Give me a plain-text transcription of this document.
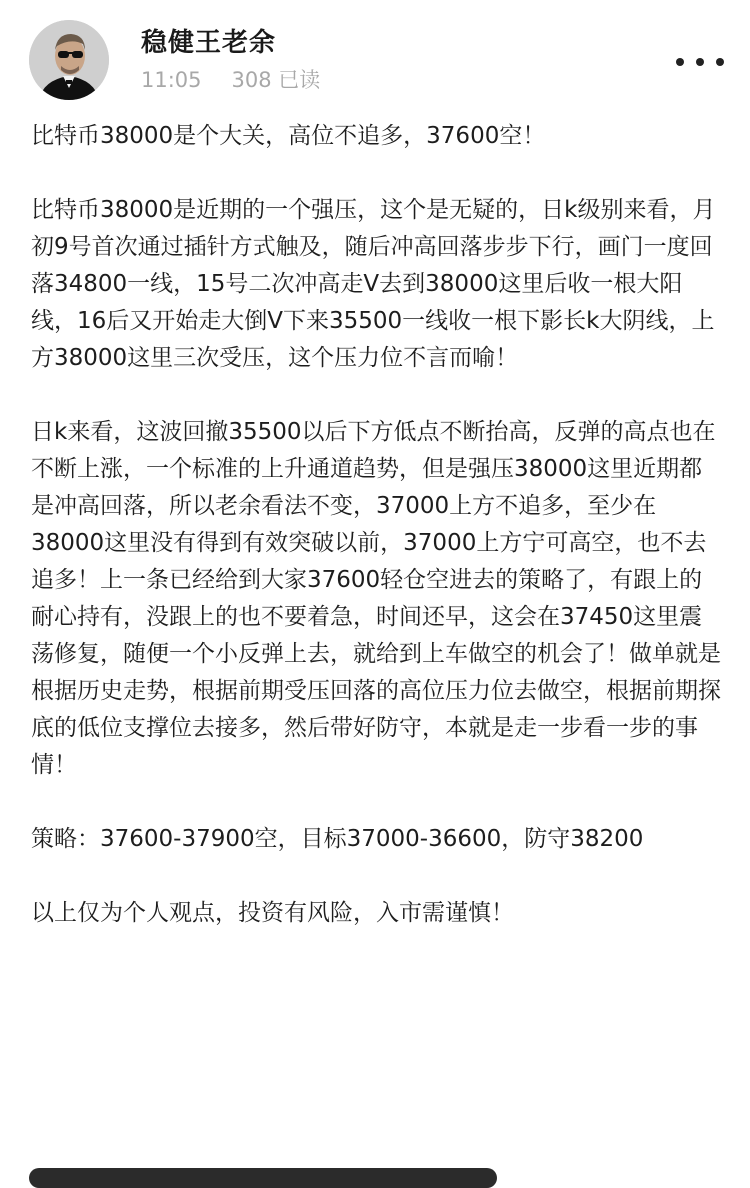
稳健王老余
11:05 308 已读

比特币38000是个大关，高位不追多，37600空！

比特币38000是近期的一个强压，这个是无疑的，日k级别来看，月初9号首次通过插针方式触及，随后冲高回落步步下行，画门一度回落34800一线，15号二次冲高走V去到38000这里后收一根大阳线，16后又开始走大倒V下来35500一线收一根下影长k大阴线，上方38000这里三次受压，这个压力位不言而喻！

日k来看，这波回撤35500以后下方低点不断抬高，反弹的高点也在不断上涨，一个标准的上升通道趋势，但是强压38000这里近期都是冲高回落，所以老余看法不变，37000上方不追多，至少在38000这里没有得到有效突破以前，37000上方宁可高空，也不去追多！上一条已经给到大家37600轻仓空进去的策略了，有跟上的耐心持有，没跟上的也不要着急，时间还早，这会在37450这里震荡修复，随便一个小反弹上去，就给到上车做空的机会了！做单就是根据历史走势，根据前期受压回落的高位压力位去做空，根据前期探底的低位支撑位去接多，然后带好防守，本就是走一步看一步的事情！

策略：37600-37900空，目标37000-36600，防守38200

以上仅为个人观点，投资有风险，入市需谨慎！
